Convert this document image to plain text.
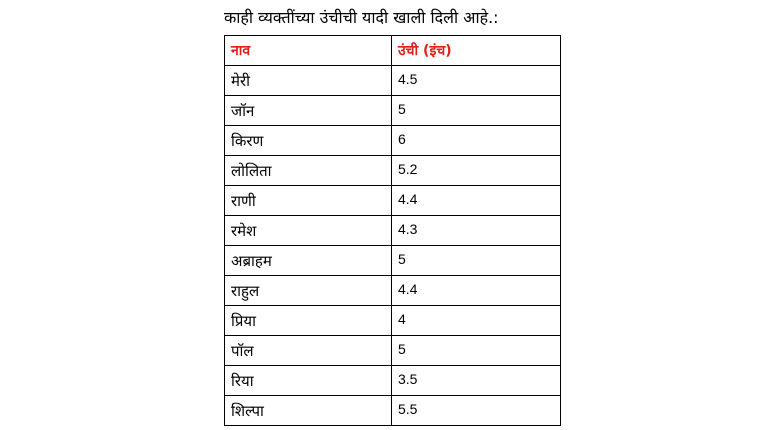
काही व्यक्तींच्या उंचीची यादी खाली दिली आहे.:
नाव	उंची (इंच)
मेरी	4.5
जॉन	5
किरण	6
लोलिता	5.2
राणी	4.4
रमेश	4.3
अब्राहम	5
राहुल	4.4
प्रिया	4
पॉल	5
रिया	3.5
शिल्पा	5.5
